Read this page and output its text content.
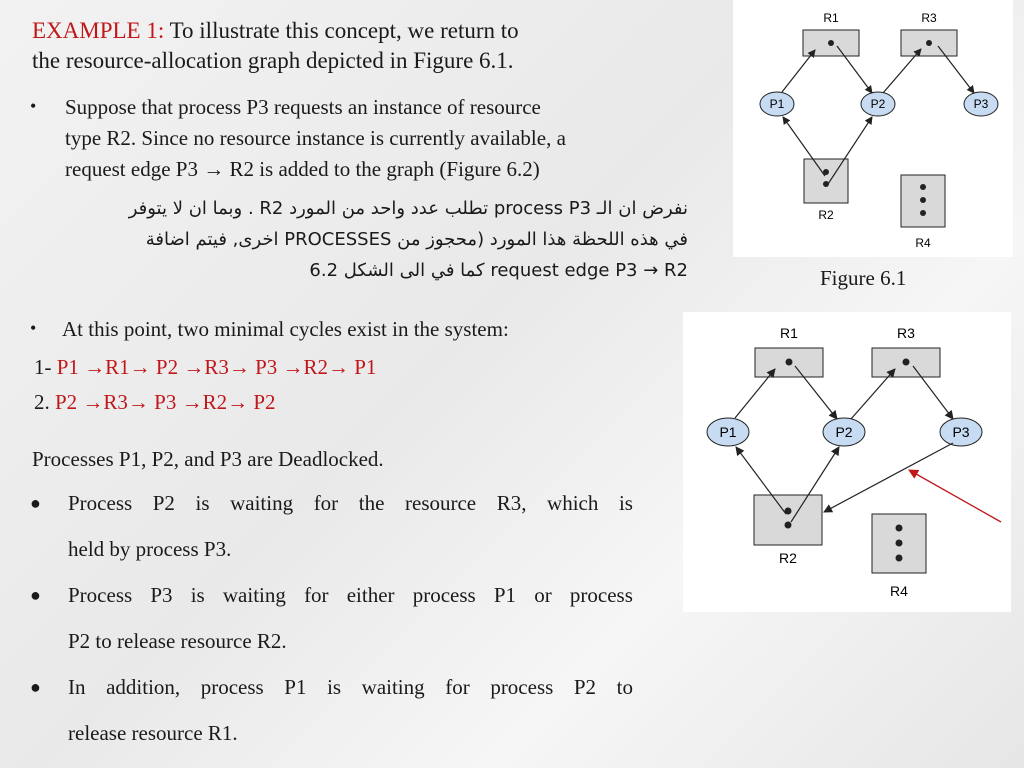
EXAMPLE 1: To illustrate this concept, we return to
the resource-allocation graph depicted in Figure 6.1.
• Suppose that process P3 requests an instance of resource
type R2. Since no resource instance is currently available, a
request edge P3 → R2 is added to the graph (Figure 6.2)
نفرض ان الـ process P3 تطلب عدد واحد من المورد R2 . وبما ان لا يتوفر
في هذه اللحظة هذا المورد (محجوز من PROCESSES اخرى, فيتم اضافة
request edge P3 → R2 كما في الى الشكل 6.2
• At this point, two minimal cycles exist in the system:
1- P1 →R1→ P2 →R3→ P3 →R2→ P1
2. P2 →R3→ P3 →R2→ P2
Processes P1, P2, and P3 are Deadlocked.
● Process P2 is waiting for the resource R3, which is
held by process P3.
● Process P3 is waiting for either process P1 or process
P2 to release resource R2.
● In addition, process P1 is waiting for process P2 to
release resource R1.
R1	R3
R2
R4
P1	P2	P3
Figure 6.1
R1	R3
R2
R4
P1	P2	P3
